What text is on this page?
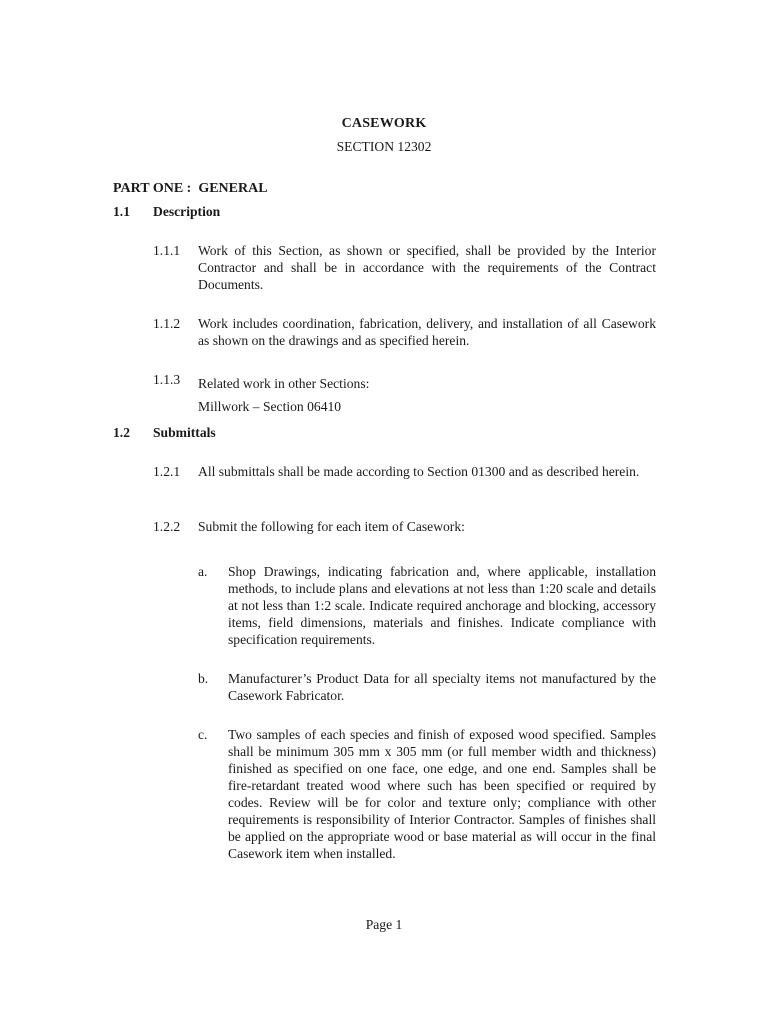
CASEWORK
SECTION 12302
PART ONE :  GENERAL
1.1 Description
1.1.1 Work of this Section, as shown or specified, shall be provided by the Interior Contractor and shall be in accordance with the requirements of the Contract Documents.
1.1.2 Work includes coordination, fabrication, delivery, and installation of all Casework as shown on the drawings and as specified herein.
1.1.3 Related work in other Sections:
Millwork – Section 06410
1.2 Submittals
1.2.1 All submittals shall be made according to Section 01300 and as described herein.
1.2.2 Submit the following for each item of Casework:
a. Shop Drawings, indicating fabrication and, where applicable, installation methods, to include plans and elevations at not less than 1:20 scale and details at not less than 1:2 scale. Indicate required anchorage and blocking, accessory items, field dimensions, materials and finishes. Indicate compliance with specification requirements.
b. Manufacturer’s Product Data for all specialty items not manufactured by the Casework Fabricator.
c. Two samples of each species and finish of exposed wood specified. Samples shall be minimum 305 mm x 305 mm (or full member width and thickness) finished as specified on one face, one edge, and one end. Samples shall be fire-retardant treated wood where such has been specified or required by codes. Review will be for color and texture only; compliance with other requirements is responsibility of Interior Contractor. Samples of finishes shall be applied on the appropriate wood or base material as will occur in the final Casework item when installed.
Page 1
